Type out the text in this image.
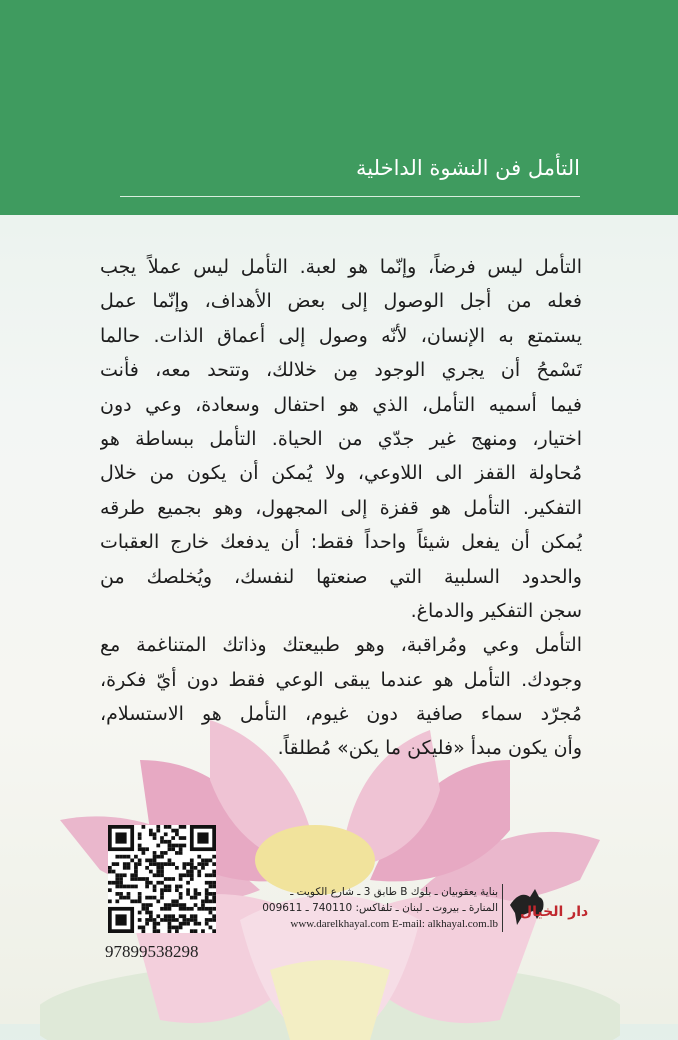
التأمل فن النشوة الداخلية
التأمل ليس فرضاً، وإنّما هو لعبة. التأمل ليس عملاً يجب
فعله من أجل الوصول إلى بعض الأهداف، وإنّما عمل
يستمتع به الإنسان، لأنّه وصول إلى أعماق الذات. حالما
تَسْمحُ أن يجري الوجود مِن خلالك، وتتحد معه، فأنت
فيما أسميه التأمل، الذي هو احتفال وسعادة، وعي دون
اختيار، ومنهج غير جدّي من الحياة. التأمل ببساطة هو
مُحاولة القفز الى اللاوعي، ولا يُمكن أن يكون من خلال
التفكير. التأمل هو قفزة إلى المجهول، وهو بجميع طرقه
يُمكن أن يفعل شيئاً واحداً فقط: أن يدفعك خارج العقبات
والحدود السلبية التي صنعتها لنفسك، ويُخلصك من
سجن التفكير والدماغ.
التأمل وعي ومُراقبة، وهو طبيعتك وذاتك المتناغمة مع
وجودك. التأمل هو عندما يبقى الوعي فقط دون أيّ فكرة،
مُجرّد سماء صافية دون غيوم، التأمل هو الاستسلام،
وأن يكون مبدأ «فليكن ما يكن» مُطلقاً.
97899538298
بناية يعقوبيان ـ بلوك B طابق 3 ـ شارع الكويت ـ
المنارة ـ بيروت ـ لبنان ـ تلفاكس: 740110 ـ 009611
www.darelkhayal.com E-mail: alkhayal.com.lb
دار الخيال
